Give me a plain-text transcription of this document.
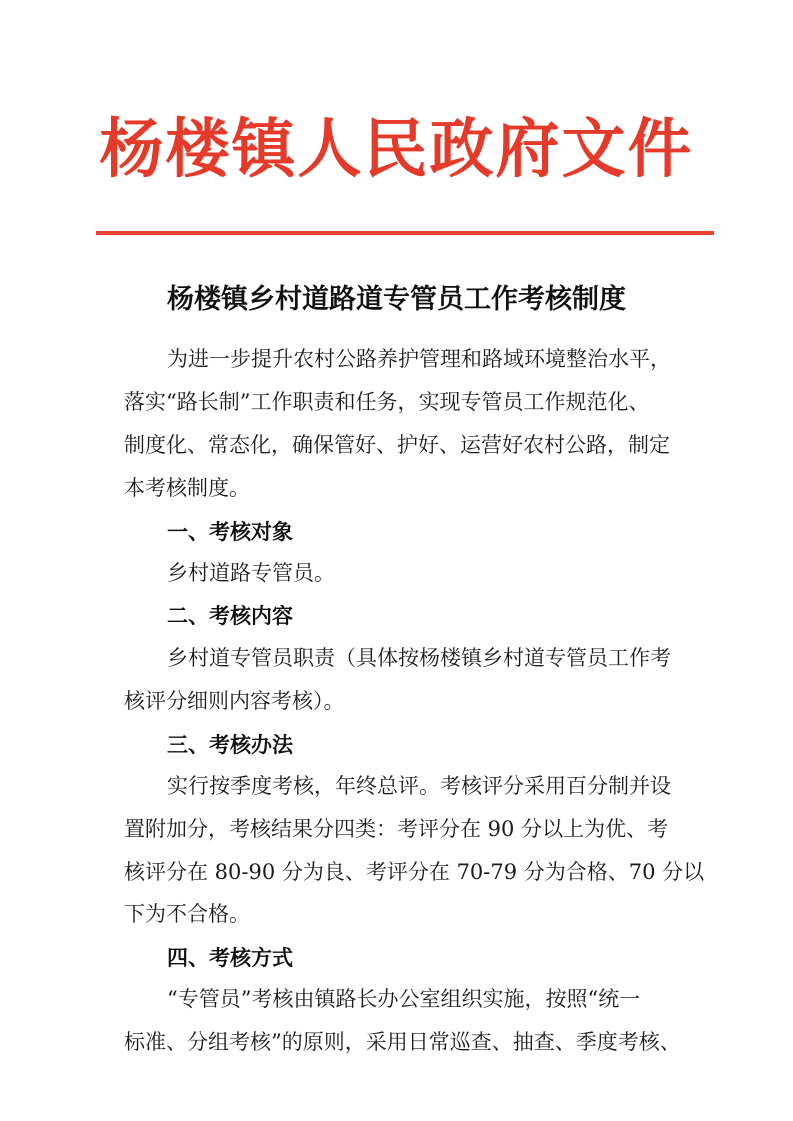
杨楼镇人民政府文件
杨楼镇乡村道路道专管员工作考核制度
为进一步提升农村公路养护管理和路域环境整治水平，
落实“路长制”工作职责和任务，实现专管员工作规范化、
制度化、常态化，确保管好、护好、运营好农村公路，制定
本考核制度。
一、考核对象
乡村道路专管员。
二、考核内容
乡村道专管员职责（具体按杨楼镇乡村道专管员工作考
核评分细则内容考核）。
三、考核办法
实行按季度考核，年终总评。考核评分采用百分制并设
置附加分，考核结果分四类：考评分在 90 分以上为优、考
核评分在 80-90 分为良、考评分在 70-79 分为合格、70 分以
下为不合格。
四、考核方式
“专管员”考核由镇路长办公室组织实施，按照“统一
标准、分组考核”的原则，采用日常巡查、抽查、季度考核、
